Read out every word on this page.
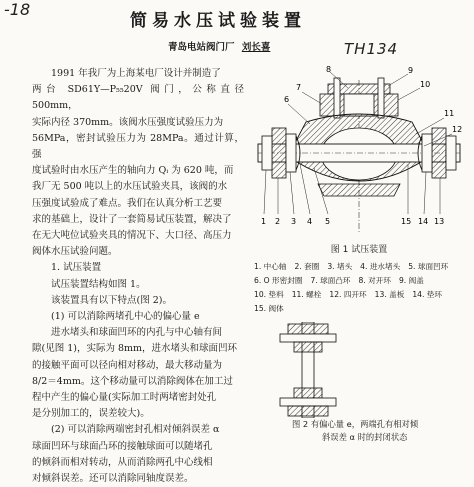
-18
TH134
简易水压试验装置
青岛电站阀门厂 刘长喜

1991 年我厂为上海某电厂设计并制造了

两台 SD61Y—P₅₅20V 阀门，公称直径 500mm，

实际内径 370mm。该阀水压强度试验压力为

56MPa，密封试验压力为 28MPa。通过计算，强

度试验时由水压产生的轴向力 Qᵢ 为 620 吨，而

我厂无 500 吨以上的水压试验夹具，该阀的水

压强度试验成了难点。我们在认真分析工艺要

求的基础上，设计了一套简易试压装置，解决了

在无大吨位试验夹具的情况下、大口径、高压力

阀体水压试验问题。

1. 试压装置

试压装置结构如图 1。

该装置具有以下特点(图 2)。

(1) 可以消除两堵孔中心的偏心量 e

进水堵头和球面凹环的内孔与中心轴有间

隙(见图 1)，实际为 8mm，进水堵头和球面凹环

的接触平面可以径向相对移动，最大移动量为

8/2＝4mm。这个移动量可以消除阀体在加工过

程中产生的偏心量(实际加工时两堵密封处孔

是分别加工的，误差较大)。

(2) 可以消除两端密封孔相对倾斜误差 α

球面凹环与球面凸环的接触球面可以随堵孔

的倾斜而相对转动，从而消除两孔中心线相

对倾斜误差。还可以消除同轴度误差。

1 2 3 4 5
6
7
8	9
10
11
12
13
14
15
图 1 试压装置
1. 中心轴 2. 套圈 3. 堵头 4. 进水堵头 5. 球面凹环
6. O 形密封圈 7. 球面凸环 8. 对开环 9. 阀盖
10. 垫料 11. 螺栓 12. 四开环 13. 盖板 14. 垫环
15. 阀体
图 2 有偏心量 e，两端孔有相对倾
斜误差 α 时的封闭状态
